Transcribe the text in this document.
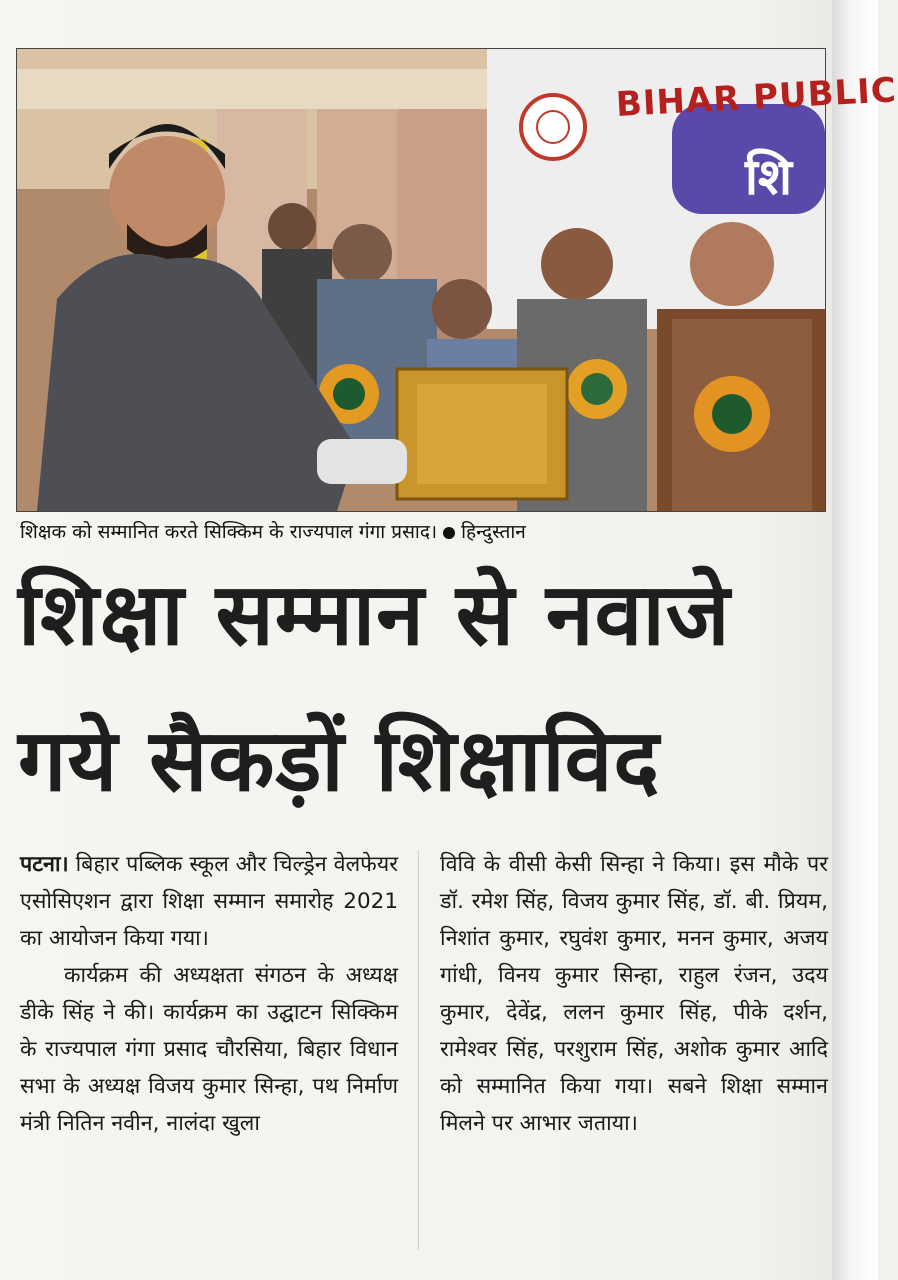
BIHAR PUBLIC
शि
शिक्षक को सम्मानित करते सिक्किम के राज्यपाल गंगा प्रसाद। हिन्दुस्तान
शिक्षा सम्मान से नवाजे
गये सैकड़ों शिक्षाविद

पटना। बिहार पब्लिक स्कूल और चिल्ड्रेन वेलफेयर एसोसिएशन द्वारा शिक्षा सम्मान समारोह 2021 का आयोजन किया गया।

कार्यक्रम की अध्यक्षता संगठन के अध्यक्ष डीके सिंह ने की। कार्यक्रम का उद्घाटन सिक्किम के राज्यपाल गंगा प्रसाद चौरसिया, बिहार विधान सभा के अध्यक्ष विजय कुमार सिन्हा, पथ निर्माण मंत्री नितिन नवीन, नालंदा खुला

विवि के वीसी केसी सिन्हा ने किया। इस मौके पर डॉ. रमेश सिंह, विजय कुमार सिंह, डॉ. बी. प्रियम, निशांत कुमार, रघुवंश कुमार, मनन कुमार, अजय गांधी, विनय कुमार सिन्हा, राहुल रंजन, उदय कुमार, देवेंद्र, ललन कुमार सिंह, पीके दर्शन, रामेश्वर सिंह, परशुराम सिंह, अशोक कुमार आदि को सम्मानित किया गया। सबने शिक्षा सम्मान मिलने पर आभार जताया।
